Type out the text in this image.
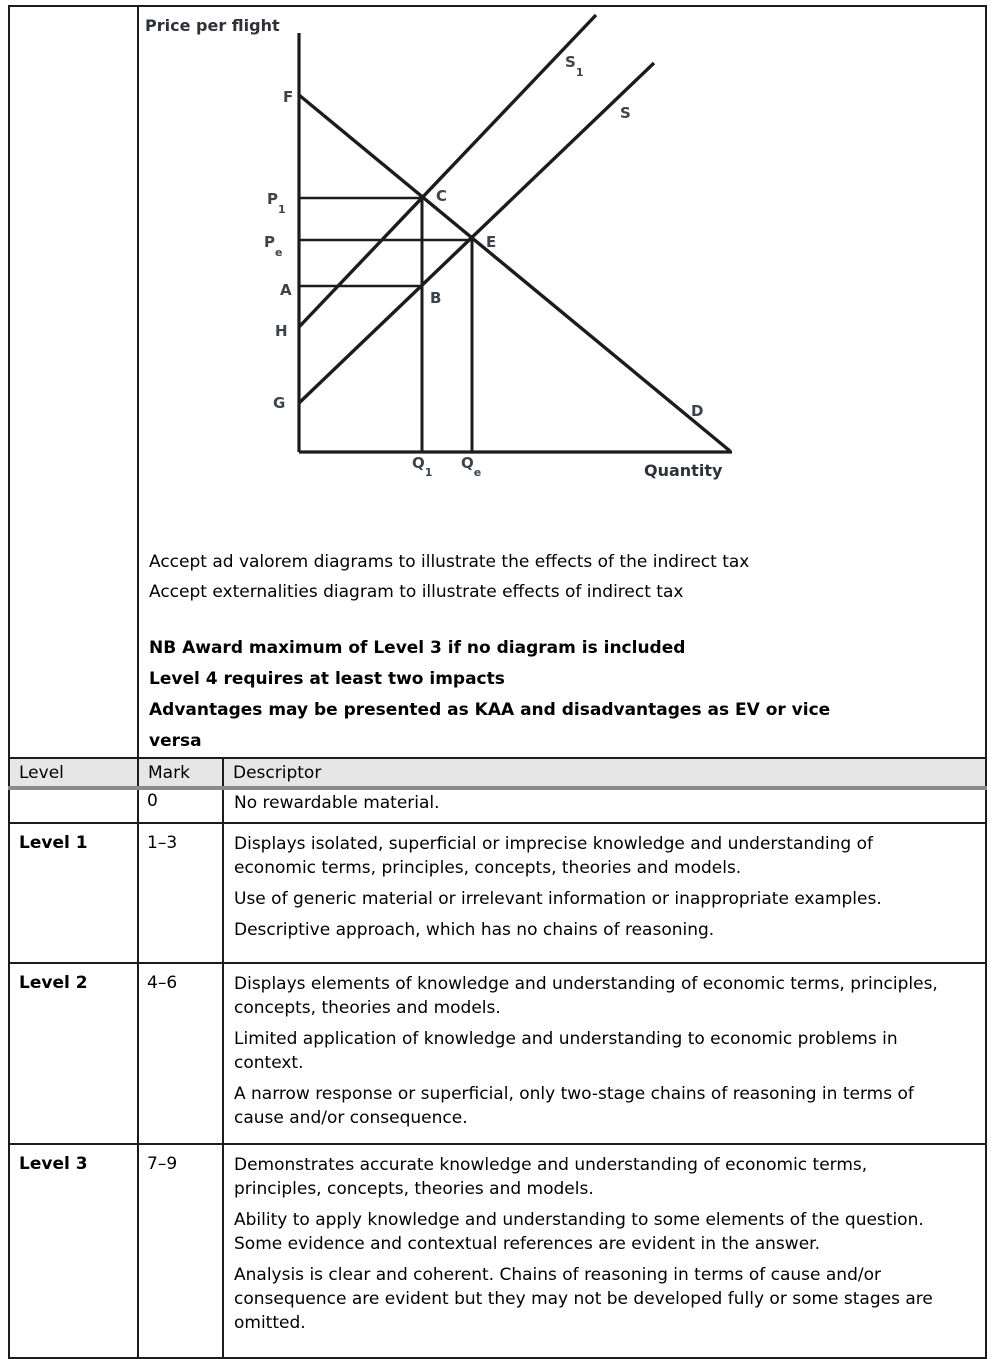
Price per flight
Quantity
F
$P_1$
$P_e$
A
H
G
C
E
B
D
S
$S_1$
$Q_1$
$Q_e$

Accept ad valorem diagrams to illustrate the effects of the indirect tax

Accept externalities diagram to illustrate effects of indirect tax

NB Award maximum of Level 3 if no diagram is included

Level 4 requires at least two impacts

Advantages may be presented as KAA and disadvantages as EV or vice versa

Level	Mark	Descriptor
	0	No rewardable material.

Level 1	1–3	Displays isolated, superficial or imprecise knowledge and understanding of economic terms, principles, concepts, theories and models.

Use of generic material or irrelevant information or inappropriate examples.

Descriptive approach, which has no chains of reasoning.

Level 2	4–6	Displays elements of knowledge and understanding of economic terms, principles, concepts, theories and models.

Limited application of knowledge and understanding to economic problems in context.

A narrow response or superficial, only two-stage chains of reasoning in terms of cause and/or consequence.

Level 3	7–9	Demonstrates accurate knowledge and understanding of economic terms, principles, concepts, theories and models.

Ability to apply knowledge and understanding to some elements of the question. Some evidence and contextual references are evident in the answer.

Analysis is clear and coherent. Chains of reasoning in terms of cause and/or consequence are evident but they may not be developed fully or some stages are omitted.
